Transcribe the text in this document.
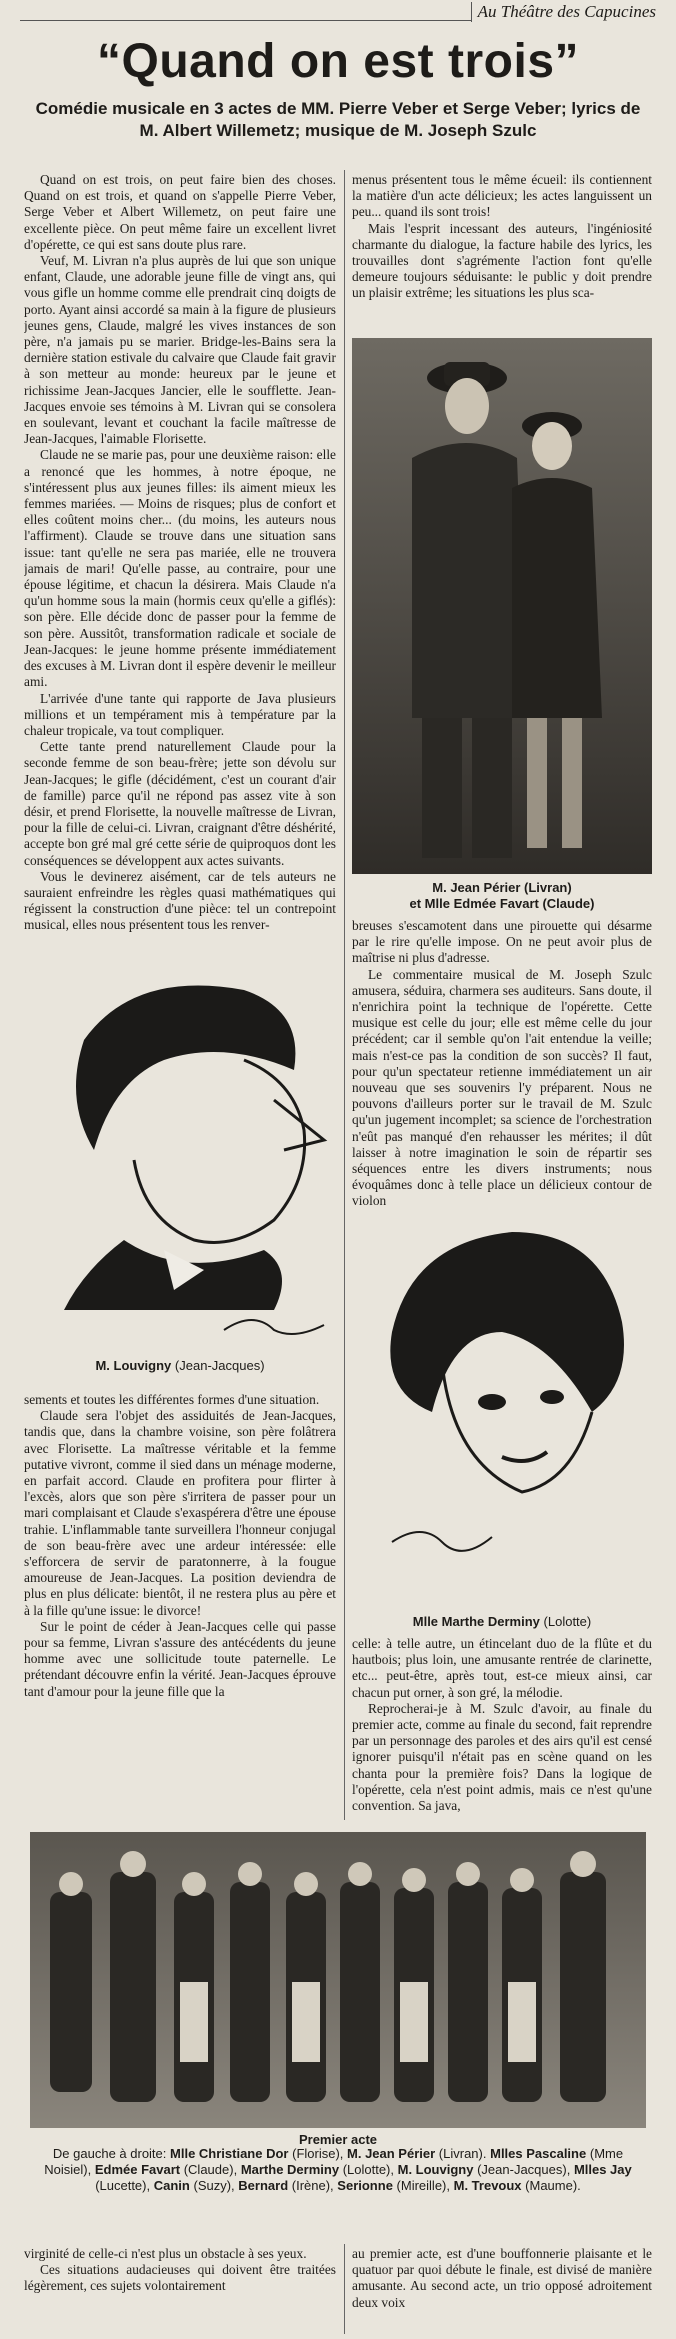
Au Théâtre des Capucines
“Quand on est trois”

Comédie musicale en 3 actes de MM. Pierre Veber et Serge Veber; lyrics de M. Albert Willemetz; musique de M. Joseph Szulc

Quand on est trois, on peut faire bien des choses. Quand on est trois, et quand on s'appelle Pierre Veber, Serge Veber et Albert Willemetz, on peut faire une excellente pièce. On peut même faire un excellent livret d'opérette, ce qui est sans doute plus rare.

Veuf, M. Livran n'a plus auprès de lui que son unique enfant, Claude, une adorable jeune fille de vingt ans, qui vous gifle un homme comme elle prendrait cinq doigts de porto. Ayant ainsi accordé sa main à la figure de plusieurs jeunes gens, Claude, malgré les vives instances de son père, n'a jamais pu se marier. Bridge-les-Bains sera la dernière station estivale du calvaire que Claude fait gravir à son metteur au monde: heureux par le jeune et richissime Jean-Jacques Jancier, elle le soufflette. Jean-Jacques envoie ses témoins à M. Livran qui se consolera en soulevant, levant et couchant la facile maîtresse de Jean-Jacques, l'aimable Florisette.

Claude ne se marie pas, pour une deuxième raison: elle a renoncé que les hommes, à notre époque, ne s'intéressent plus aux jeunes filles: ils aiment mieux les femmes mariées. — Moins de risques; plus de confort et elles coûtent moins cher... (du moins, les auteurs nous l'affirment). Claude se trouve dans une situation sans issue: tant qu'elle ne sera pas mariée, elle ne trouvera jamais de mari! Qu'elle passe, au contraire, pour une épouse légitime, et chacun la désirera. Mais Claude n'a qu'un homme sous la main (hormis ceux qu'elle a giflés): son père. Elle décide donc de passer pour la femme de son père. Aussitôt, transformation radicale et sociale de Jean-Jacques: le jeune homme présente immédiatement des excuses à M. Livran dont il espère devenir le meilleur ami.

L'arrivée d'une tante qui rapporte de Java plusieurs millions et un tempérament mis à température par la chaleur tropicale, va tout compliquer.

Cette tante prend naturellement Claude pour la seconde femme de son beau-frère; jette son dévolu sur Jean-Jacques; le gifle (décidément, c'est un courant d'air de famille) parce qu'il ne répond pas assez vite à son désir, et prend Florisette, la nouvelle maîtresse de Livran, pour la fille de celui-ci. Livran, craignant d'être déshérité, accepte bon gré mal gré cette série de quiproquos dont les conséquences se développent aux actes suivants.

Vous le devinerez aisément, car de tels auteurs ne sauraient enfreindre les règles quasi mathématiques qui régissent la construction d'une pièce: tel un contrepoint musical, elles nous présentent tous les renver-

menus présentent tous le même écueil: ils contiennent la matière d'un acte délicieux; les actes languissent un peu... quand ils sont trois!

Mais l'esprit incessant des auteurs, l'ingéniosité charmante du dialogue, la facture habile des lyrics, les trouvailles dont s'agrémente l'action font qu'elle demeure toujours séduisante: le public y doit prendre un plaisir extrême; les situations les plus sca-

M. Jean Périer (Livran)
et Mlle Edmée Favart (Claude)

breuses s'escamotent dans une pirouette qui désarme par le rire qu'elle impose. On ne peut avoir plus de maîtrise ni plus d'adresse.

Le commentaire musical de M. Joseph Szulc amusera, séduira, charmera ses auditeurs. Sans doute, il n'enrichira point la technique de l'opérette. Cette musique est celle du jour; elle est même celle du jour précédent; car il semble qu'on l'ait entendue la veille; mais n'est-ce pas la condition de son succès? Il faut, pour qu'un spectateur retienne immédiatement un air nouveau que ses souvenirs l'y préparent. Nous ne pouvons d'ailleurs porter sur le travail de M. Szulc qu'un jugement incomplet; sa science de l'orchestration n'eût pas manqué d'en rehausser les mérites; il dût laisser à notre imagination le soin de répartir ses séquences entre les divers instruments; nous évoquâmes donc à telle place un délicieux contour de violon

M. Louvigny (Jean-Jacques)
Mlle Marthe Derminy (Lolotte)

sements et toutes les différentes formes d'une situation.

Claude sera l'objet des assiduités de Jean-Jacques, tandis que, dans la chambre voisine, son père folâtrera avec Florisette. La maîtresse véritable et la femme putative vivront, comme il sied dans un ménage moderne, en parfait accord. Claude en profitera pour flirter à l'excès, alors que son père s'irritera de passer pour un mari complaisant et Claude s'exaspérera d'être une épouse trahie. L'inflammable tante surveillera l'honneur conjugal de son beau-frère avec une ardeur intéressée: elle s'efforcera de servir de paratonnerre, à la fougue amoureuse de Jean-Jacques. La position deviendra de plus en plus délicate: bientôt, il ne restera plus au père et à la fille qu'une issue: le divorce!

Sur le point de céder à Jean-Jacques celle qui passe pour sa femme, Livran s'assure des antécédents du jeune homme avec une sollicitude toute paternelle. Le prétendant découvre enfin la vérité. Jean-Jacques éprouve tant d'amour pour la jeune fille que la

celle: à telle autre, un étincelant duo de la flûte et du hautbois; plus loin, une amusante rentrée de clarinette, etc... peut-être, après tout, est-ce mieux ainsi, car chacun put orner, à son gré, la mélodie.

Reprocherai-je à M. Szulc d'avoir, au finale du premier acte, comme au finale du second, fait reprendre par un personnage des paroles et des airs qu'il est censé ignorer puisqu'il n'était pas en scène quand on les chanta pour la première fois? Dans la logique de l'opérette, cela n'est point admis, mais ce n'est qu'une convention. Sa java,

Premier acte
De gauche à droite: Mlle Christiane Dor (Florise), M. Jean Périer (Livran). Mlles Pascaline (Mme Noisiel), Edmée Favart (Claude), Marthe Derminy (Lolotte), M. Louvigny (Jean-Jacques), Mlles Jay (Lucette), Canin (Suzy), Bernard (Irène), Serionne (Mireille), M. Trevoux (Maume).

virginité de celle-ci n'est plus un obstacle à ses yeux.

Ces situations audacieuses qui doivent être traitées légèrement, ces sujets volontairement

au premier acte, est d'une bouffonnerie plaisante et le quatuor par quoi débute le finale, est divisé de manière amusante. Au second acte, un trio opposé adroitement deux voix
